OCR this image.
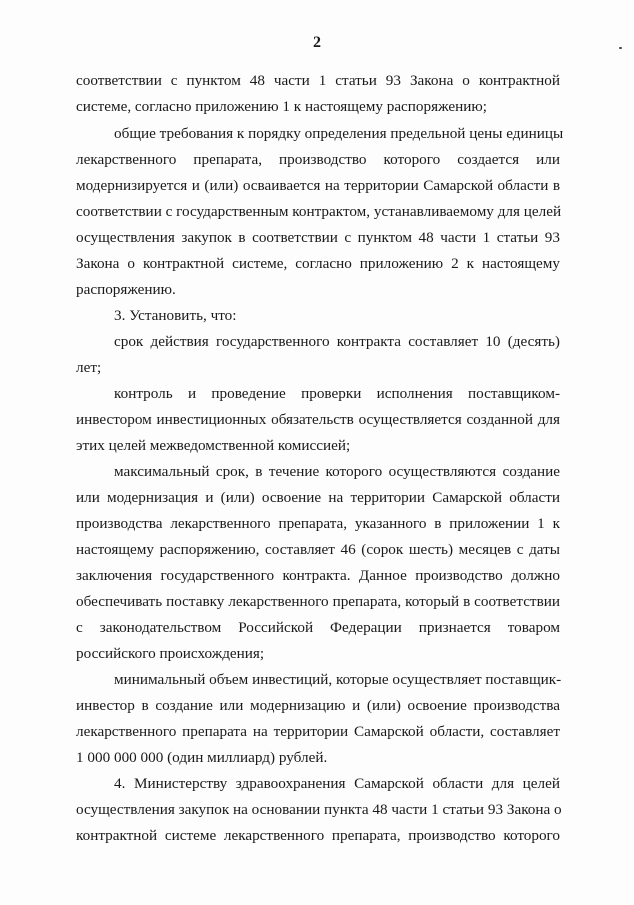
2
соответствии с пунктом 48 части 1 статьи 93 Закона о контрактной
системе, согласно приложению 1 к настоящему распоряжению;
общие требования к порядку определения предельной цены единицы
лекарственного препарата, производство которого создается или
модернизируется и (или) осваивается на территории Самарской области в
соответствии с государственным контрактом, устанавливаемому для целей
осуществления закупок в соответствии с пунктом 48 части 1 статьи 93
Закона о контрактной системе, согласно приложению 2 к настоящему
распоряжению.
3. Установить, что:
срок действия государственного контракта составляет 10 (десять)
лет;
контроль и проведение проверки исполнения поставщиком-
инвестором инвестиционных обязательств осуществляется созданной для
этих целей межведомственной комиссией;
максимальный срок, в течение которого осуществляются создание
или модернизация и (или) освоение на территории Самарской области
производства лекарственного препарата, указанного в приложении 1 к
настоящему распоряжению, составляет 46 (сорок шесть) месяцев с даты
заключения государственного контракта. Данное производство должно
обеспечивать поставку лекарственного препарата, который в соответствии
с законодательством Российской Федерации признается товаром
российского происхождения;
минимальный объем инвестиций, которые осуществляет поставщик-
инвестор в создание или модернизацию и (или) освоение производства
лекарственного препарата на территории Самарской области, составляет
1 000 000 000 (один миллиард) рублей.
4. Министерству здравоохранения Самарской области для целей
осуществления закупок на основании пункта 48 части 1 статьи 93 Закона о
контрактной системе лекарственного препарата, производство которого
